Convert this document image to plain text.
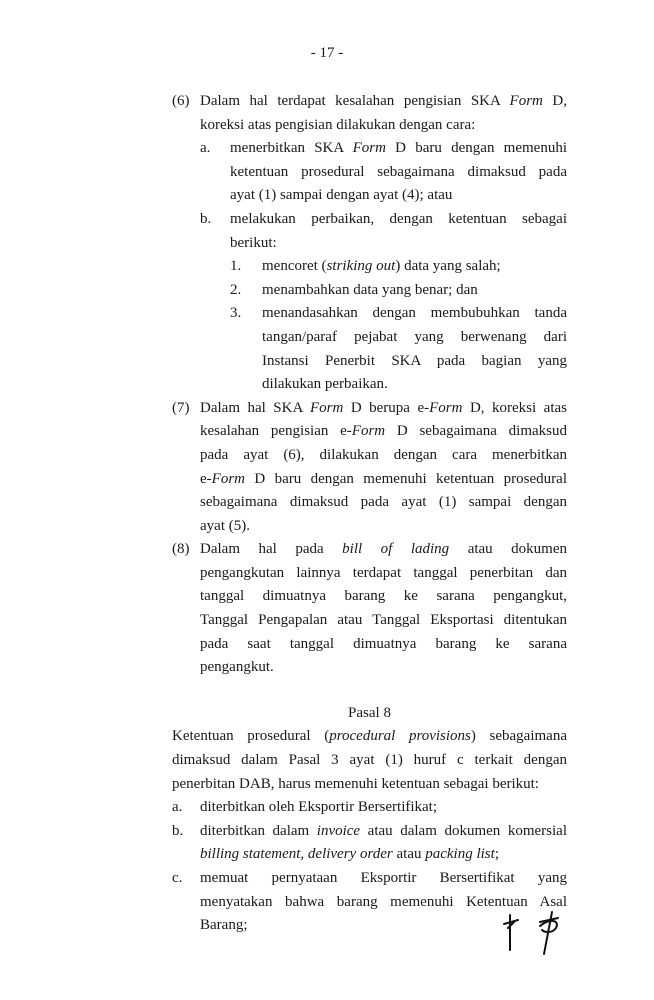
- 17 -
(6) Dalam hal terdapat kesalahan pengisian SKA Form D,
koreksi atas pengisian dilakukan dengan cara:
a. menerbitkan SKA Form D baru dengan memenuhi
ketentuan prosedural sebagaimana dimaksud pada
ayat (1) sampai dengan ayat (4); atau
b. melakukan perbaikan, dengan ketentuan sebagai
berikut:
1. mencoret (striking out) data yang salah;
2. menambahkan data yang benar; dan
3. menandasahkan dengan membubuhkan tanda
tangan/paraf pejabat yang berwenang dari
Instansi Penerbit SKA pada bagian yang
dilakukan perbaikan.
(7) Dalam hal SKA Form D berupa e-Form D, koreksi atas
kesalahan pengisian e-Form D sebagaimana dimaksud
pada ayat (6), dilakukan dengan cara menerbitkan
e-Form D baru dengan memenuhi ketentuan prosedural
sebagaimana dimaksud pada ayat (1) sampai dengan
ayat (5).
(8) Dalam hal pada bill of lading atau dokumen
pengangkutan lainnya terdapat tanggal penerbitan dan
tanggal dimuatnya barang ke sarana pengangkut,
Tanggal Pengapalan atau Tanggal Eksportasi ditentukan
pada saat tanggal dimuatnya barang ke sarana
pengangkut.
Pasal 8
Ketentuan prosedural (procedural provisions) sebagaimana
dimaksud dalam Pasal 3 ayat (1) huruf c terkait dengan
penerbitan DAB, harus memenuhi ketentuan sebagai berikut:
a. diterbitkan oleh Eksportir Bersertifikat;
b. diterbitkan dalam invoice atau dalam dokumen komersial
billing statement, delivery order atau packing list;
c. memuat pernyataan Eksportir Bersertifikat yang
menyatakan bahwa barang memenuhi Ketentuan Asal
Barang;
